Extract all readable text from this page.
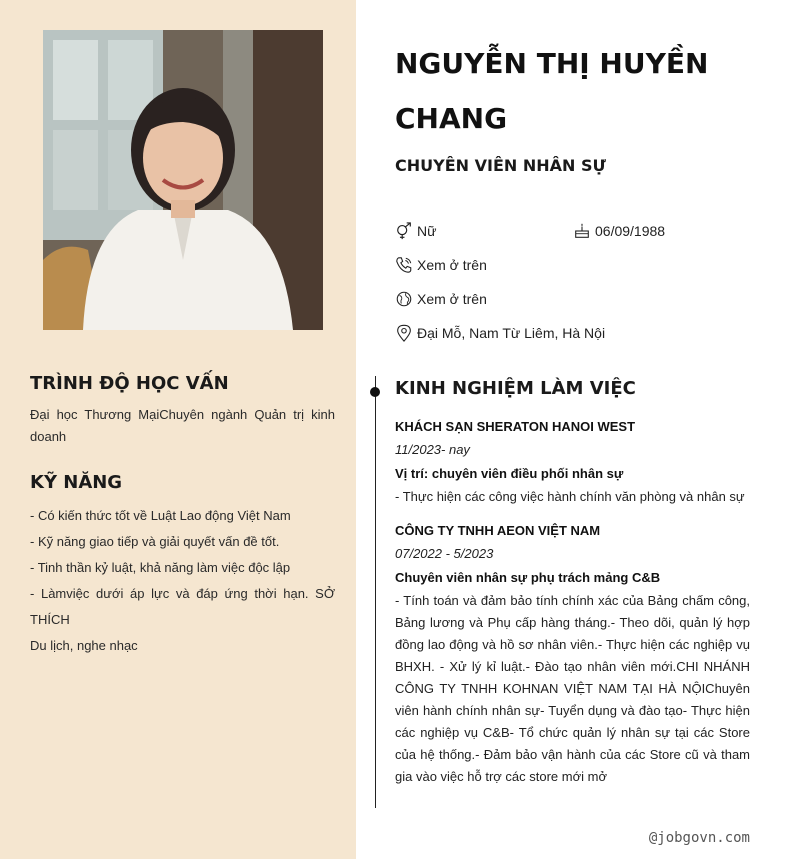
TRÌNH ĐỘ HỌC VẤN
Đại học Thương MạiChuyên ngành Quản trị kinh doanh
KỸ NĂNG
- Có kiến thức tốt về Luật Lao động Việt Nam
- Kỹ năng giao tiếp và giải quyết vấn đề tốt.
- Tinh thần kỷ luật, khả năng làm việc độc lập
- Làmviệc dưới áp lực và đáp ứng thời hạn. SỞ THÍCH
Du lịch, nghe nhạc
NGUYỄN THỊ HUYỀN CHANG
CHUYÊN VIÊN NHÂN SỰ
Nữ	06/09/1988
Xem ở trên
Xem ở trên
Đại Mỗ, Nam Từ Liêm, Hà Nội
KINH NGHIỆM LÀM VIỆC
KHÁCH SẠN SHERATON HANOI WEST
11/2023- nay
Vị trí: chuyên viên điều phối nhân sự
- Thực hiện các công việc hành chính văn phòng và nhân sự
CÔNG TY TNHH AEON VIỆT NAM
07/2022 - 5/2023
Chuyên viên nhân sự phụ trách mảng C&B
- Tính toán và đảm bảo tính chính xác của Bảng chấm công, Bảng lương và Phụ cấp hàng tháng.- Theo dõi, quản lý hợp đồng lao động và hồ sơ nhân viên.- Thực hiện các nghiệp vụ BHXH. - Xử lý kỉ luật.- Đào tạo nhân viên mới.CHI NHÁNH CÔNG TY TNHH KOHNAN VIỆT NAM TẠI HÀ NỘIChuyên viên hành chính nhân sự- Tuyển dụng và đào tạo- Thực hiện các nghiệp vụ C&B- Tổ chức quản lý nhân sự tại các Store của hệ thống.- Đảm bảo vận hành của các Store cũ và tham gia vào việc hỗ trợ các store mới mở
@jobgovn.com
